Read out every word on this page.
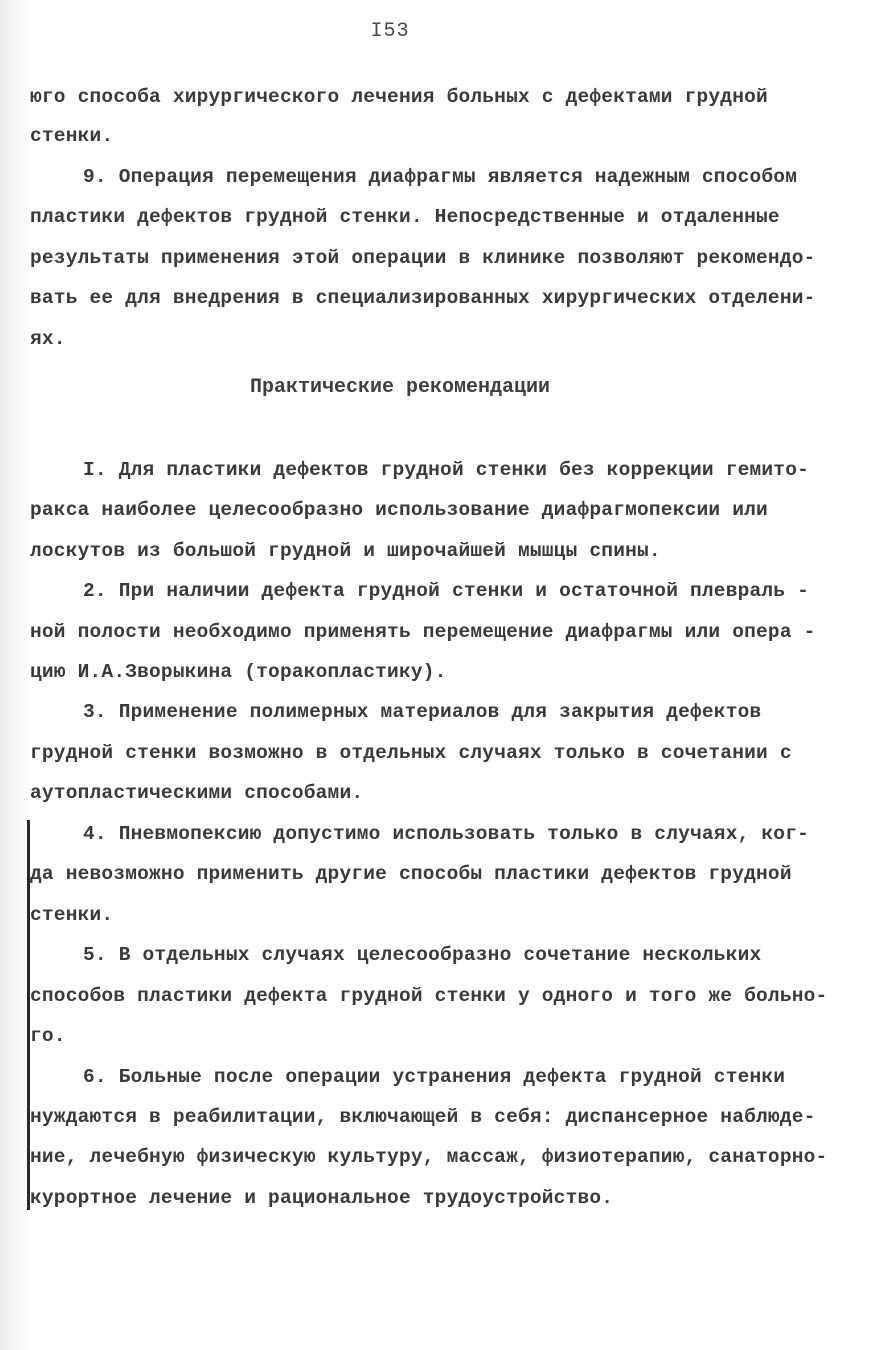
I53
юго способа хирургического лечения больных с дефектами грудной
стенки.
9. Операция перемещения диафрагмы является надежным способом
пластики дефектов грудной стенки. Непосредственные и отдаленные
результаты применения этой операции в клинике позволяют рекомендо-
вать ее для внедрения в специализированных хирургических отделени-
ях.
Практические рекомендации
I. Для пластики дефектов грудной стенки без коррекции гемито-
ракса наиболее целесообразно использование диафрагмопексии или
лоскутов из большой грудной и широчайшей мышцы спины.
2. При наличии дефекта грудной стенки и остаточной плевраль -
ной полости необходимо применять перемещение диафрагмы или опера -
цию И.А.Зворыкина (торакопластику).
3. Применение полимерных материалов для закрытия дефектов
грудной стенки возможно в отдельных случаях только в сочетании с
аутопластическими способами.
4. Пневмопексию допустимо использовать только в случаях, ког-
да невозможно применить другие способы пластики дефектов грудной
стенки.
5. В отдельных случаях целесообразно сочетание нескольких
способов пластики дефекта грудной стенки у одного и того же больно-
го.
6. Больные после операции устранения дефекта грудной стенки
нуждаются в реабилитации, включающей в себя: диспансерное наблюде-
ние, лечебную физическую культуру, массаж, физиотерапию, санаторно-
курортное лечение и рациональное трудоустройство.
